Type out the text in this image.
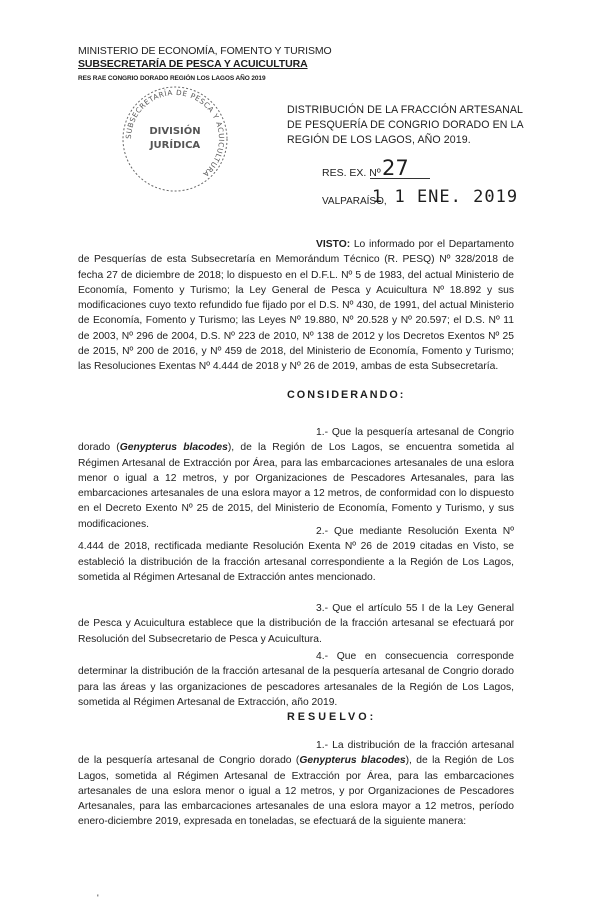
MINISTERIO DE ECONOMÍA, FOMENTO Y TURISMO
SUBSECRETARÍA DE PESCA Y ACUICULTURA
RES RAE CONGRIO DORADO REGIÓN LOS LAGOS AÑO 2019
SUBSECRETARÍA DE PESCA Y ACUICULTURA
DIVISIÓN
JURÍDICA
DISTRIBUCIÓN DE LA FRACCIÓN ARTESANAL DE PESQUERÍA DE CONGRIO DORADO EN LA REGIÓN DE LOS LAGOS, AÑO 2019.
RES. EX. Nº 27
VALPARAÍSO,
1 1 ENE. 2019

VISTO: Lo informado por el Departamento de Pesquerías de esta Subsecretaría en Memorándum Técnico (R. PESQ) Nº 328/2018 de fecha 27 de diciembre de 2018; lo dispuesto en el D.F.L. Nº 5 de 1983, del actual Ministerio de Economía, Fomento y Turismo; la Ley General de Pesca y Acuicultura Nº 18.892 y sus modificaciones cuyo texto refundido fue fijado por el D.S. Nº 430, de 1991, del actual Ministerio de Economía, Fomento y Turismo; las Leyes Nº 19.880, Nº 20.528 y Nº 20.597; el D.S. Nº 11 de 2003, Nº 296 de 2004, D.S. Nº 223 de 2010, Nº 138 de 2012 y los Decretos Exentos Nº 25 de 2015, Nº 200 de 2016, y Nº 459 de 2018, del Ministerio de Economía, Fomento y Turismo; las Resoluciones Exentas Nº 4.444 de 2018 y Nº 26 de 2019, ambas de esta Subsecretaría.

CONSIDERANDO:

1.- Que la pesquería artesanal de Congrio dorado (Genypterus blacodes), de la Región de Los Lagos, se encuentra sometida al Régimen Artesanal de Extracción por Área, para las embarcaciones artesanales de una eslora menor o igual a 12 metros, y por Organizaciones de Pescadores Artesanales, para las embarcaciones artesanales de una eslora mayor a 12 metros, de conformidad con lo dispuesto en el Decreto Exento Nº 25 de 2015, del Ministerio de Economía, Fomento y Turismo, y sus modificaciones.

2.- Que mediante Resolución Exenta Nº 4.444 de 2018, rectificada mediante Resolución Exenta Nº 26 de 2019 citadas en Visto, se estableció la distribución de la fracción artesanal correspondiente a la Región de Los Lagos, sometida al Régimen Artesanal de Extracción antes mencionado.

3.- Que el artículo 55 I de la Ley General de Pesca y Acuicultura establece que la distribución de la fracción artesanal se efectuará por Resolución del Subsecretario de Pesca y Acuicultura.

4.- Que en consecuencia corresponde determinar la distribución de la fracción artesanal de la pesquería artesanal de Congrio dorado para las áreas y las organizaciones de pescadores artesanales de la Región de Los Lagos, sometida al Régimen Artesanal de Extracción, año 2019.

RESUELVO:

1.- La distribución de la fracción artesanal de la pesquería artesanal de Congrio dorado (Genypterus blacodes), de la Región de Los Lagos, sometida al Régimen Artesanal de Extracción por Área, para las embarcaciones artesanales de una eslora menor o igual a 12 metros, y por Organizaciones de Pescadores Artesanales, para las embarcaciones artesanales de una eslora mayor a 12 metros, período enero-diciembre 2019, expresada en toneladas, se efectuará de la siguiente manera:

'
